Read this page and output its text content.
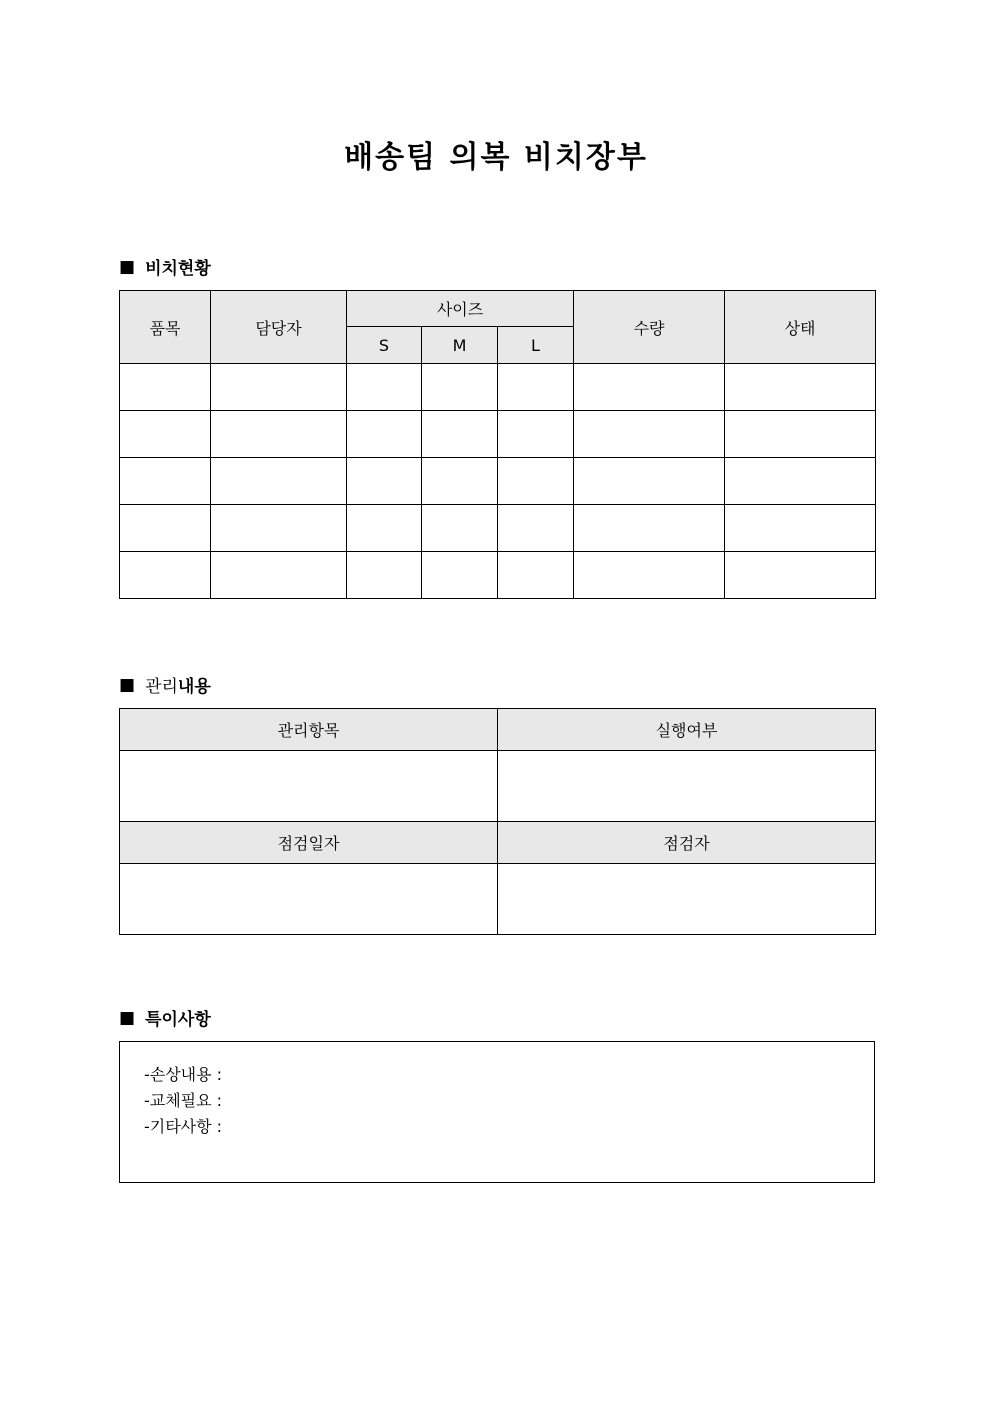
배송팀 의복 비치장부
■ 비치현황
품목	담당자	사이즈			수량	상태
		S	M	L		

■ 관리 내용
관리항목	실행여부

점검일자	점검자

■ 특이사항
-손상내용 :
-교체필요 :
-기타사항 :
